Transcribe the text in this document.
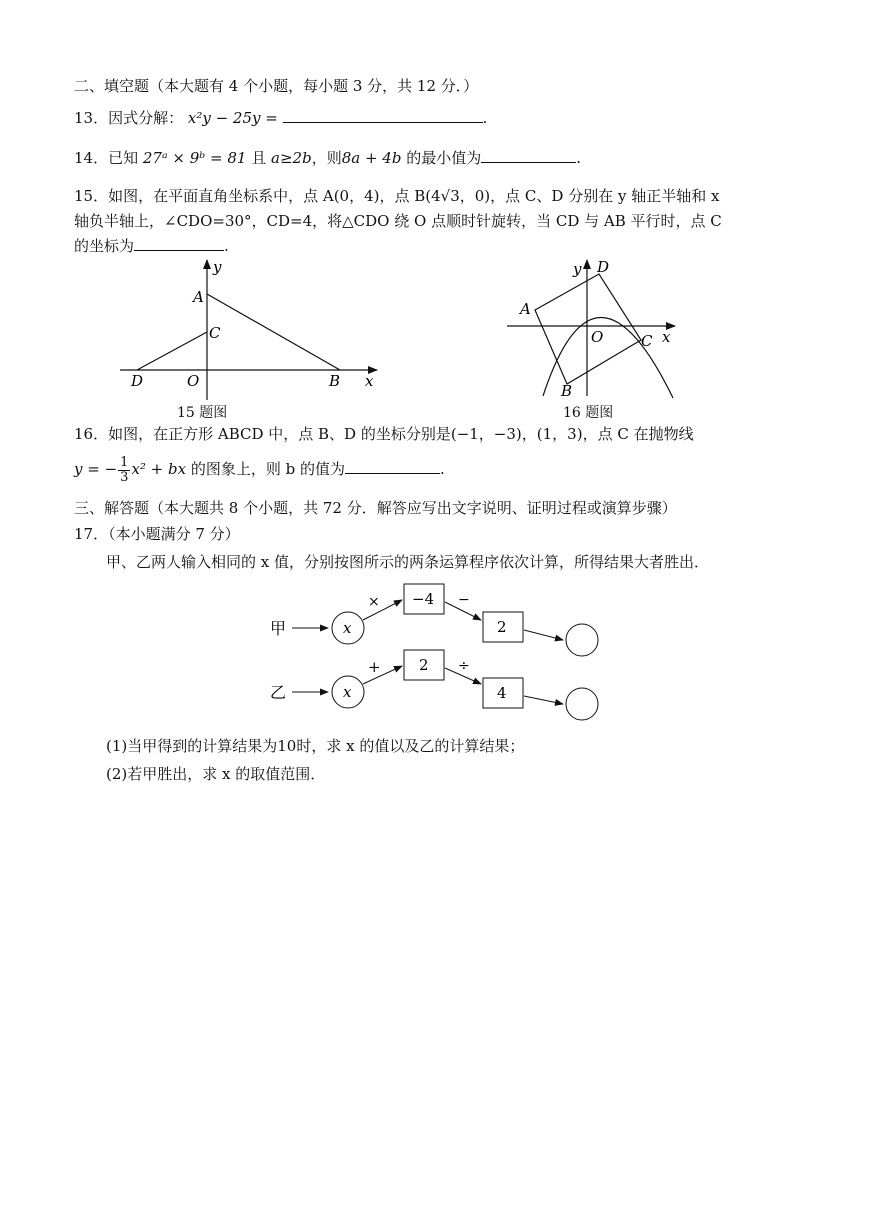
二、填空题（本大题有 4 个小题，每小题 3 分，共 12 分．）
13．因式分解： x²y − 25y =	.
14．已知 27ᵃ × 9ᵇ = 81 且 a≥2b，则8a + 4b 的最小值为	.
15．如图，在平面直角坐标系中，点 A(0，4)，点 B(4√3，0)，点 C、D 分别在 y 轴正半轴和 x
轴负半轴上，∠CDO=30°，CD=4，将△CDO 绕 O 点顺时针旋转，当 CD 与 AB 平行时，点 C
的坐标为	.
y
x
A
C
D	O	B
15 题图
y D
A
O	C x
B
16 题图
16．如图，在正方形 ABCD 中，点 B、D 的坐标分别是(−1，−3)，(1，3)，点 C 在抛物线
y = − $\frac{1}{3} x^2$ + bx 的图象上，则 b 的值为	.
三、解答题（本大题共 8 个小题，共 72 分．解答应写出文字说明、证明过程或演算步骤）
17．（本小题满分 7 分）
甲、乙两人输入相同的 x 值，分别按图所示的两条运算程序依次计算，所得结果大者胜出．
甲	x
× −4 −
2
乙	x
+	2 ÷
4
(1)当甲得到的计算结果为10时，求 x 的值以及乙的计算结果；
(2)若甲胜出，求 x 的取值范围．
